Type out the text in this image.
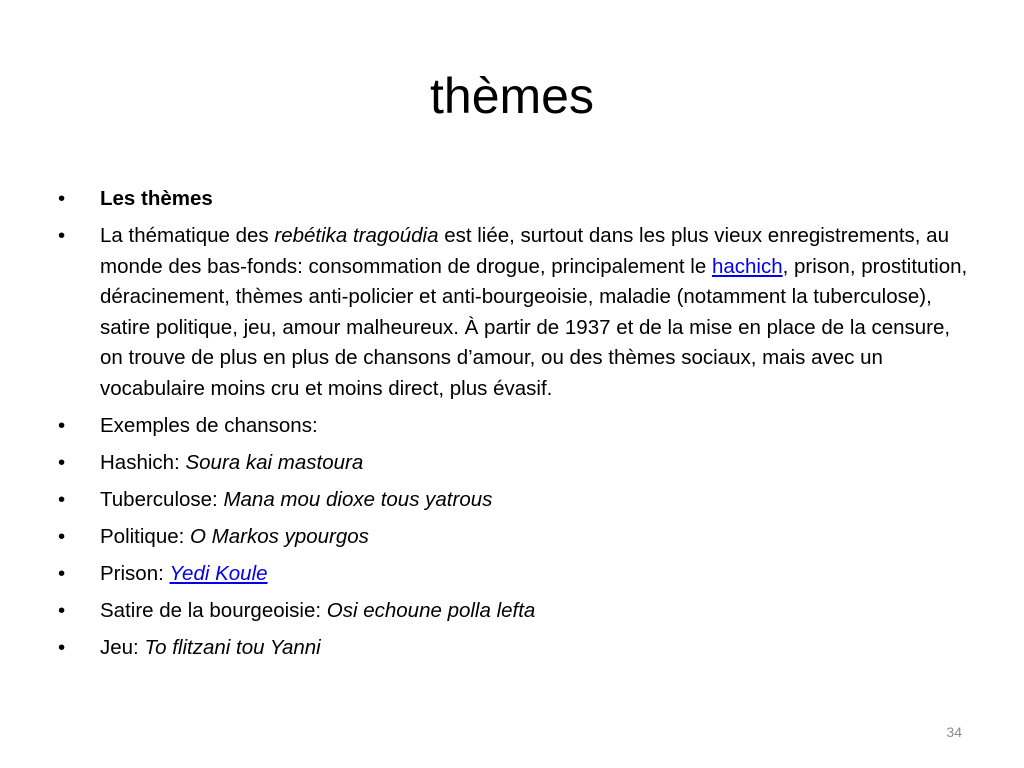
thèmes
•	Les thèmes
•	La thématique des rebétika tragoúdia est liée, surtout dans les plus vieux enregistrements, au monde des bas-fonds: consommation de drogue, principalement le hachich, prison, prostitution, déracinement, thèmes anti-policier et anti-bourgeoisie, maladie (notamment la tuberculose), satire politique, jeu, amour malheureux. À partir de 1937 et de la mise en place de la censure, on trouve de plus en plus de chansons d’amour, ou des thèmes sociaux, mais avec un vocabulaire moins cru et moins direct, plus évasif.
•	Exemples de chansons:
•	Hashich: Soura kai mastoura
•	Tuberculose: Mana mou dioxe tous yatrous
•	Politique: O Markos ypourgos
•	Prison: Yedi Koule
•	Satire de la bourgeoisie: Osi echoune polla lefta
•	Jeu: To flitzani tou Yanni
34
